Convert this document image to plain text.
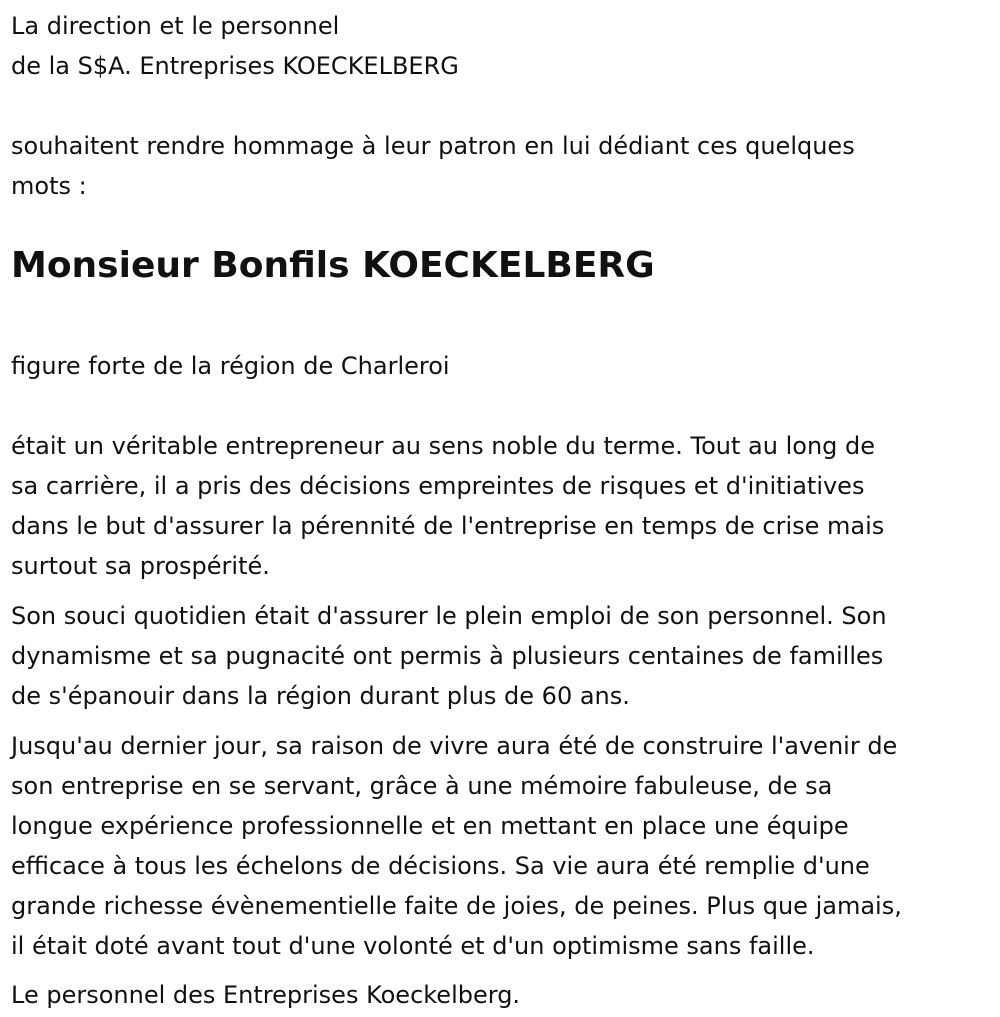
La direction et le personnel
de la S$A. Entreprises KOECKELBERG

souhaitent rendre hommage à leur patron en lui dédiant ces quelques
mots :

Monsieur Bonfils KOECKELBERG

figure forte de la région de Charleroi

était un véritable entrepreneur au sens noble du terme. Tout au long de
sa carrière, il a pris des décisions empreintes de risques et d'initiatives
dans le but d'assurer la pérennité de l'entreprise en temps de crise mais
surtout sa prospérité.

Son souci quotidien était d'assurer le plein emploi de son personnel. Son
dynamisme et sa pugnacité ont permis à plusieurs centaines de familles
de s'épanouir dans la région durant plus de 60 ans.

Jusqu'au dernier jour, sa raison de vivre aura été de construire l'avenir de
son entreprise en se servant, grâce à une mémoire fabuleuse, de sa
longue expérience professionnelle et en mettant en place une équipe
efficace à tous les échelons de décisions. Sa vie aura été remplie d'une
grande richesse évènementielle faite de joies, de peines. Plus que jamais,
il était doté avant tout d'une volonté et d'un optimisme sans faille.

Le personnel des Entreprises Koeckelberg.
